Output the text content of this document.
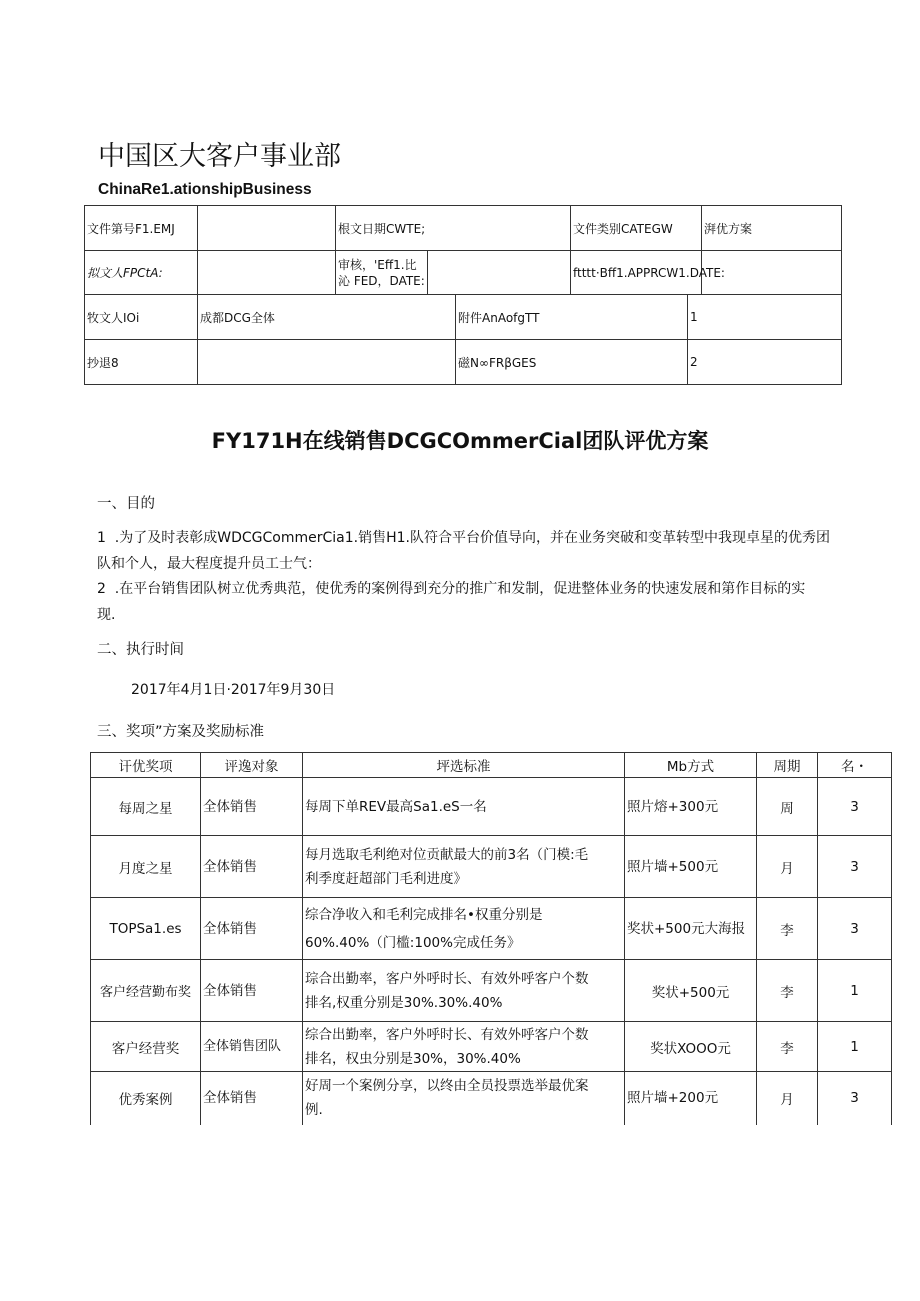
中国区大客户事业部
ChinaRe1.ationshipBusiness
文件第号F1.EMJ		根文日期CWTE;			文件类别CATEGW		湃优方案
拟文人FPCtA:		审核，'Eff1.比沁 FED，DATE:			ftttt·Bff1.APPRCW1.DATE:		
牧文人IOi	成都DCG全体			附件AnAofgTT		1	
抄退8				磁N∞FRβGES		2	
FY171H在线销售DCGCOmmerCial团队评优方案
一、目的
1  .为了及时表彰成WDCGCommerCia1.销售H1.队符合平台价值导向，并在业务突破和变革转型中我现卓星的优秀团
队和个人，最大程度提升员工士气：
2  .在平台销售团队树立优秀典范，使优秀的案例得到充分的推广和发制，促进整体业务的快速发展和第作目标的实
现.
二、执行时间
2017年4月1日·2017年9月30日
三、奖项”方案及奖励标准
讦优奖项	评逸对象	坪选标准	Mb方式	周期	名・
每周之星	全体销售	每周下单REV最高Sa1.eS一名	照片熔+300元	周	3
月度之星	全体销售	每月选取毛利绝对位贡献最大的前3名（门模:毛
利季度赶超部门毛利进度》	照片墙+500元	月	3
TOPSa1.es	全体销售	综合净收入和毛利完成排名•权重分别是
60%.40%（门槛:100%完成任务》	奖状+500元大海报	李	3
客户经营勤布奖	全体销售	琮合出勤率，客户外呼时长、有效外呼客户个数
排名,权重分别是30%.30%.40%	奖状+500元	李	1
客户经营奖	全体销售团队	综合出勤率，客户外呼时长、有效外呼客户个数
排名，权虫分别是30%，30%.40%	奖状XOOO元	李	1
优秀案例	全体销售	好周一个案例分享，以终由全员投票选举最优案
例.	照片墙+200元	月	3
